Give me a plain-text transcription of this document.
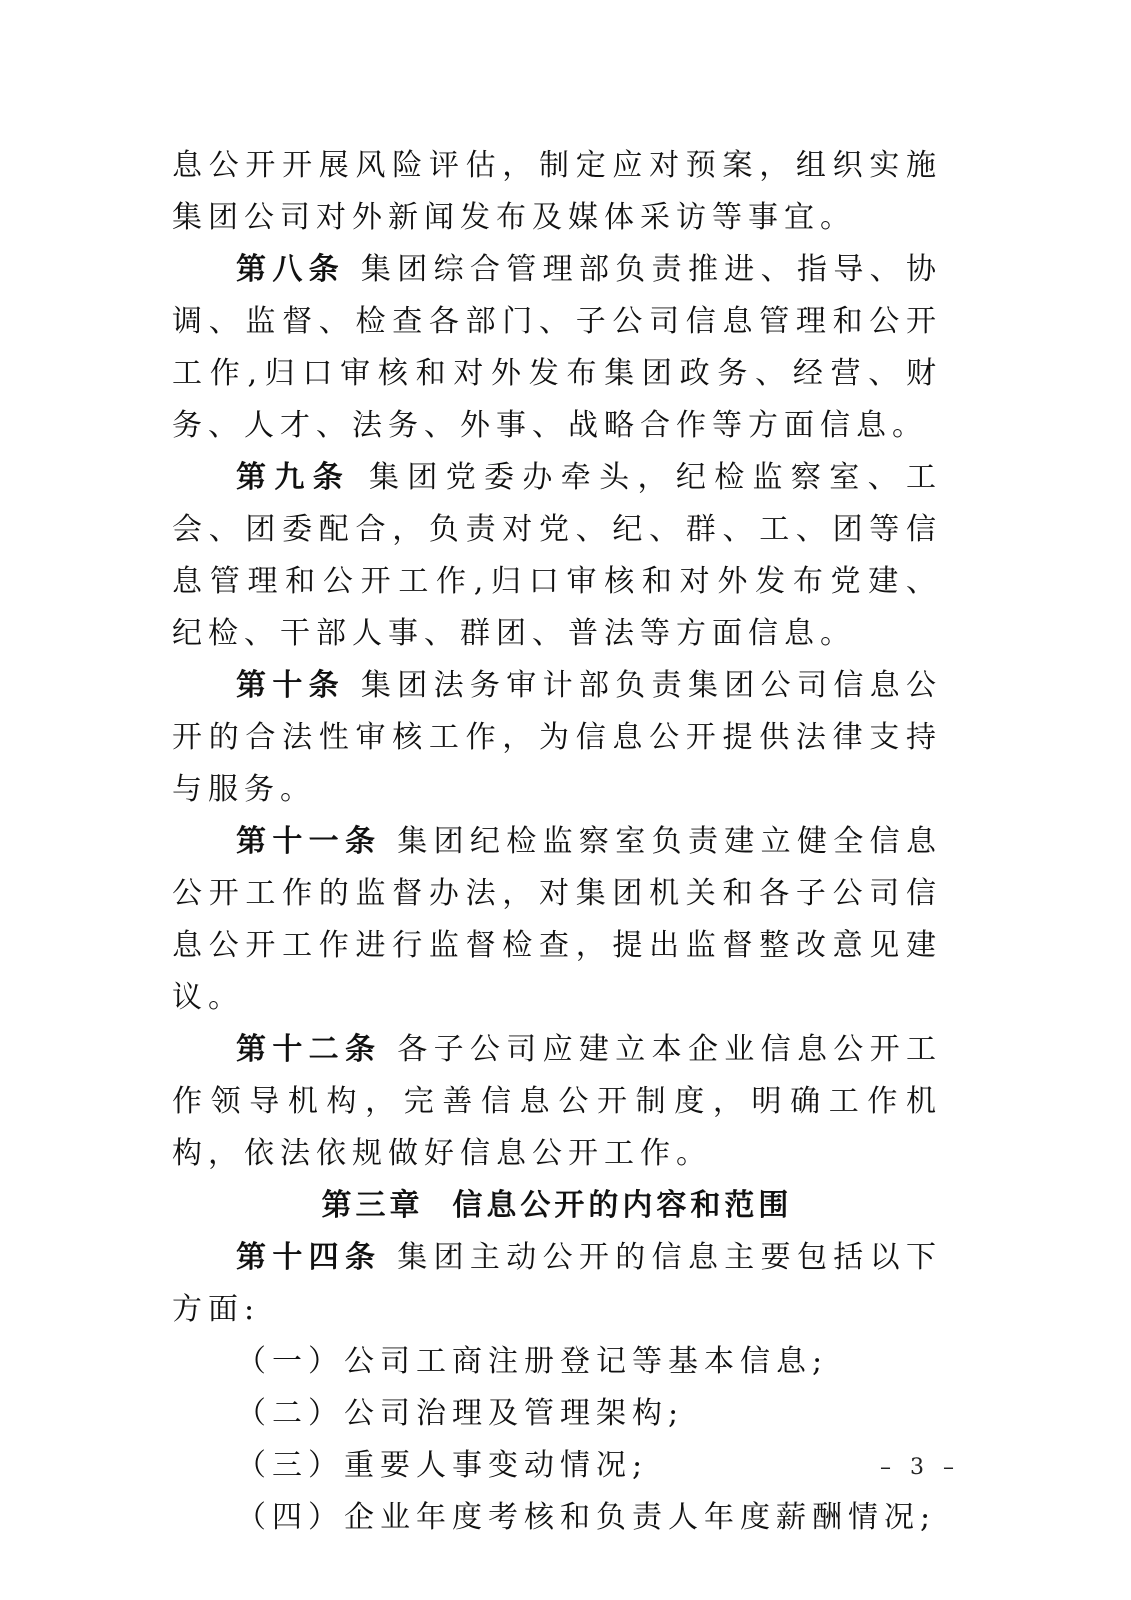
息公开开展风险评估，制定应对预案，组织实施集团公司对外新闻发布及媒体采访等事宜。

第八条 集团综合管理部负责推进、指导、协调、监督、检查各部门、子公司信息管理和公开工作,归口审核和对外发布集团政务、经营、财务、人才、法务、外事、战略合作等方面信息。

第九条 集团党委办牵头，纪检监察室、工会、团委配合，负责对党、纪、群、工、团等信息管理和公开工作,归口审核和对外发布党建、纪检、干部人事、群团、普法等方面信息。

第十条 集团法务审计部负责集团公司信息公开的合法性审核工作，为信息公开提供法律支持与服务。

第十一条 集团纪检监察室负责建立健全信息公开工作的监督办法，对集团机关和各子公司信息公开工作进行监督检查，提出监督整改意见建议。

第十二条 各子公司应建立本企业信息公开工作领导机构，完善信息公开制度，明确工作机构，依法依规做好信息公开工作。

第三章  信息公开的内容和范围

第十四条 集团主动公开的信息主要包括以下方面:

（一）公司工商注册登记等基本信息;

（二）公司治理及管理架构;

（三）重要人事变动情况;

（四）企业年度考核和负责人年度薪酬情况;

– 3 –
